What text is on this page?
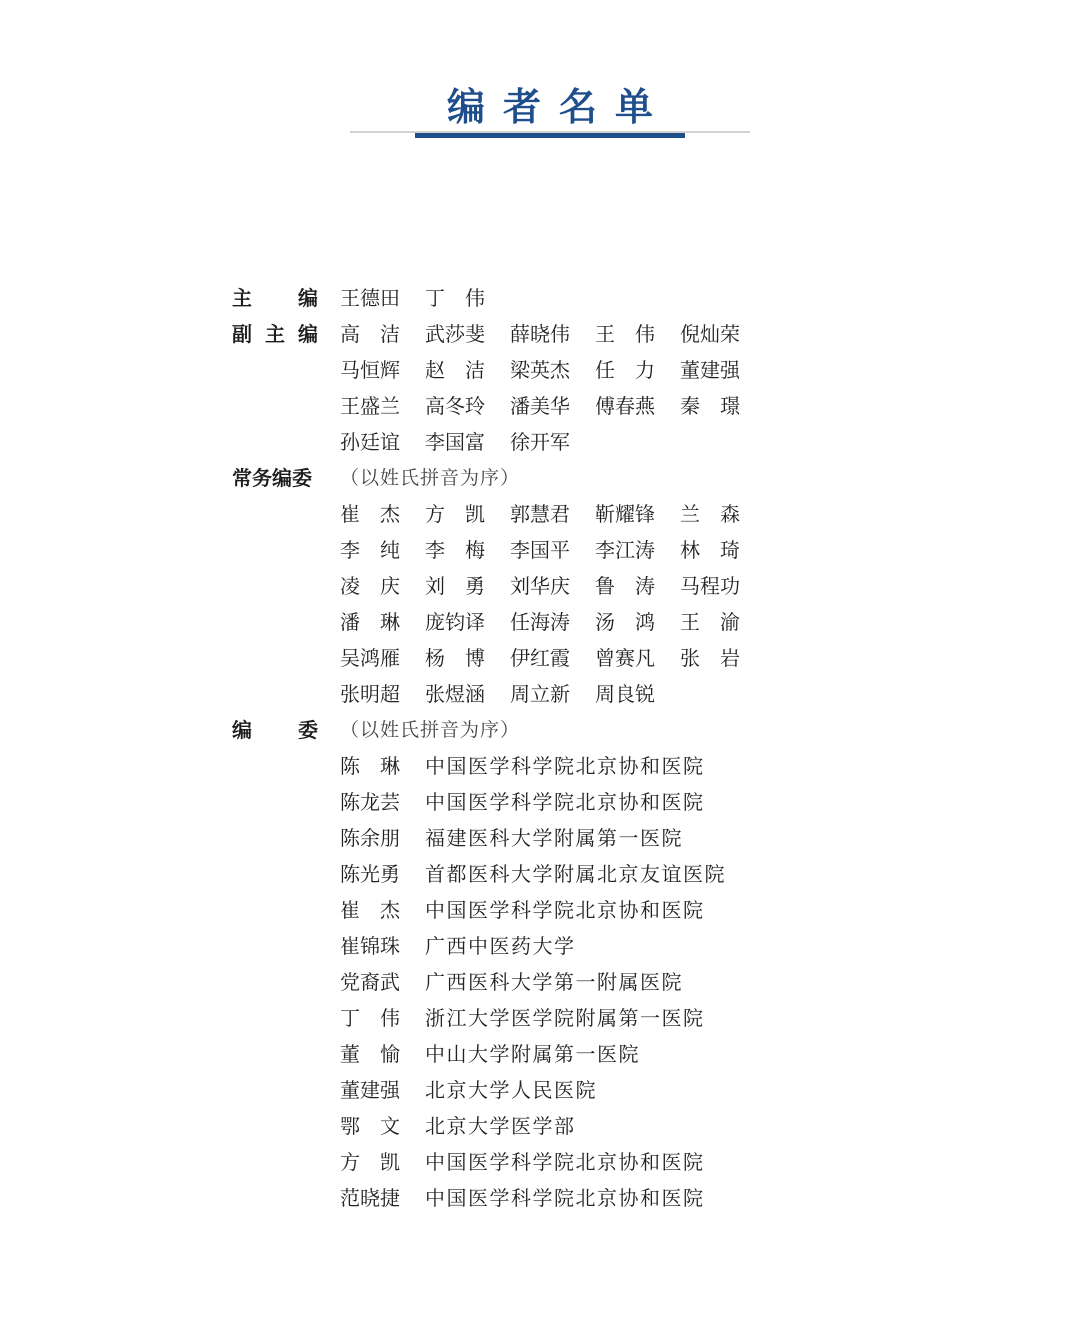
编者名单
主 编 王德田 丁 伟
副 主 编 高 洁 武莎斐 薛晓伟 王 伟 倪灿荣
马恒辉 赵 洁 梁英杰 任 力 董建强
王盛兰 高冬玲 潘美华 傅春燕 秦 璟
孙廷谊 李国富 徐开军
常务编委	（以姓氏拼音为序）
崔 杰 方 凯 郭慧君 靳耀锋 兰 森
李 纯 李 梅 李国平 李江涛 林 琦
凌 庆 刘 勇 刘华庆 鲁 涛 马程功
潘 琳 庞钧译 任海涛 汤 鸿 王 渝
吴鸿雁 杨 博 伊红霞 曾赛凡 张 岩
张明超 张煜涵 周立新 周良锐
编 委 （以姓氏拼音为序）
陈 琳 中国医学科学院北京协和医院
陈龙芸 中国医学科学院北京协和医院
陈余朋 福建医科大学附属第一医院
陈光勇 首都医科大学附属北京友谊医院
崔 杰 中国医学科学院北京协和医院
崔锦珠 广西中医药大学
党裔武 广西医科大学第一附属医院
丁 伟 浙江大学医学院附属第一医院
董 愉 中山大学附属第一医院
董建强 北京大学人民医院
鄂 文 北京大学医学部
方 凯 中国医学科学院北京协和医院
范晓捷 中国医学科学院北京协和医院
